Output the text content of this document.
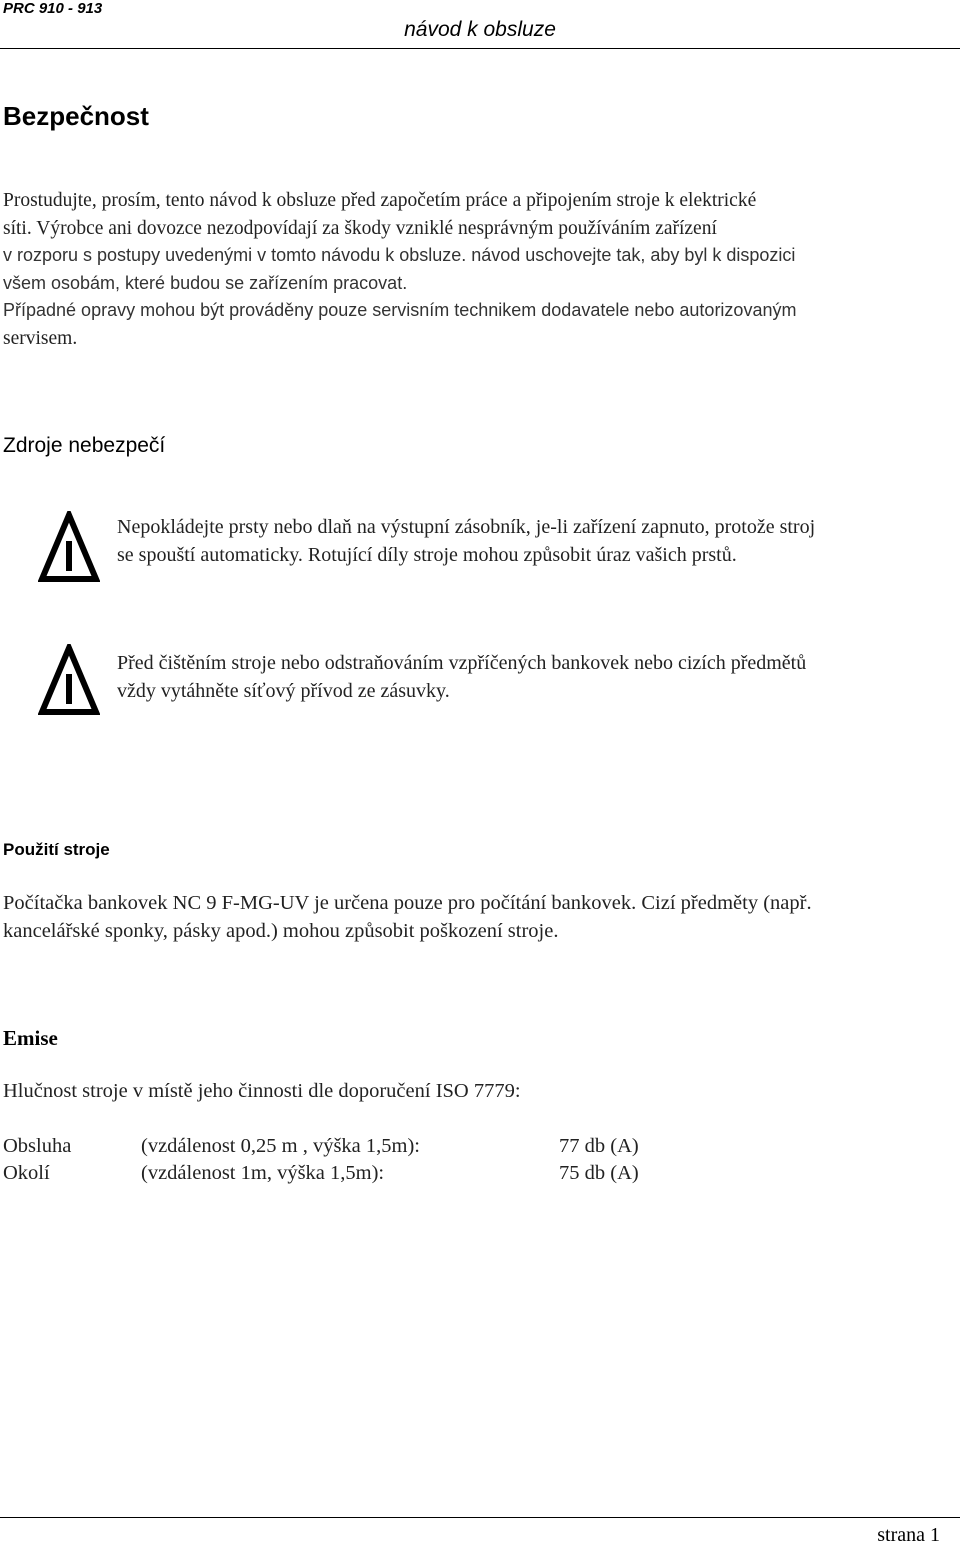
PRC 910 - 913
návod k obsluze
Bezpečnost
Prostudujte, prosím, tento návod k obsluze před započetím práce a připojením stroje k elektrické
síti. Výrobce ani dovozce nezodpovídají za škody vzniklé nesprávným používáním zařízení
v rozporu s postupy uvedenými v tomto návodu k obsluze. návod uschovejte tak, aby byl k dispozici
všem osobám, které budou se zařízením pracovat.
Případné opravy mohou být prováděny pouze servisním technikem dodavatele nebo autorizovaným
servisem.
Zdroje nebezpečí
Nepokládejte prsty nebo dlaň na výstupní zásobník, je-li zařízení zapnuto, protože stroj
se spouští automaticky. Rotující díly stroje mohou způsobit úraz vašich prstů.
Před čištěním stroje nebo odstraňováním vzpříčených bankovek nebo cizích předmětů
vždy vytáhněte síťový přívod ze zásuvky.
Použití stroje
Počítačka bankovek NC 9 F-MG-UV je určena pouze pro počítání bankovek. Cizí předměty (např.
kancelářské sponky, pásky apod.) mohou způsobit poškození stroje.
Emise
Hlučnost stroje v místě jeho činnosti dle doporučení ISO 7779:
Obsluha	(vzdálenost 0,25 m , výška 1,5m):	77 db (A)
Okolí	(vzdálenost 1m, výška 1,5m):	75 db (A)
strana 1
